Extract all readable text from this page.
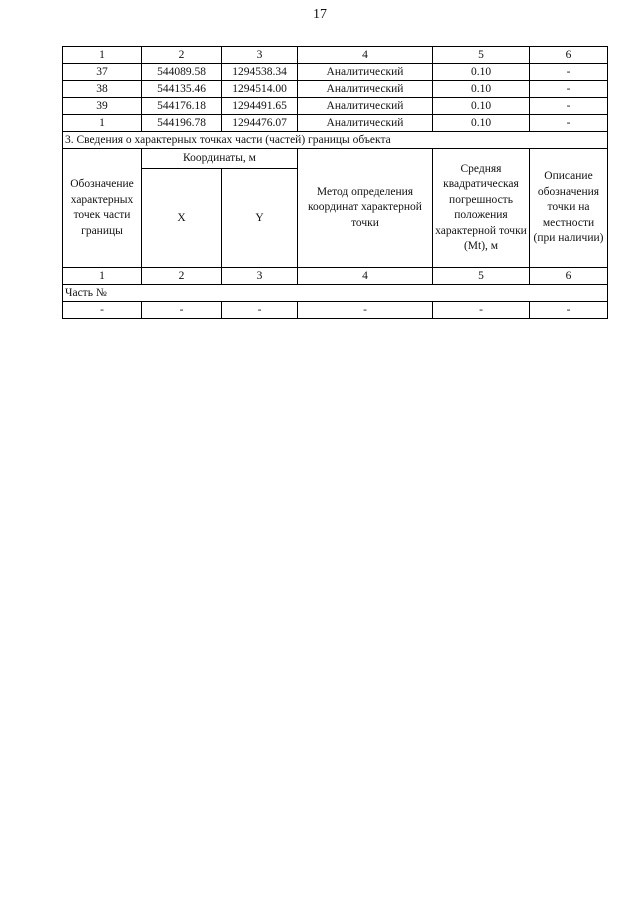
17
1	2	3	4	5	6
37	544089.58	1294538.34	Аналитический	0.10	-
38	544135.46	1294514.00	Аналитический	0.10	-
39	544176.18	1294491.65	Аналитический	0.10	-
1	544196.78	1294476.07	Аналитический	0.10	-
3. Сведения о характерных точках части (частей) границы объекта					
Обозначение характерных точек части границы	Координаты, м		Метод определения координат характерной точки	Средняя квадратическая погрешность положения характерной точки (Mt), м	Описание обозначения точки на местности (при наличии)
	X	Y			
1	2	3	4	5	6
Часть №					
-	-	-	-	-	-
